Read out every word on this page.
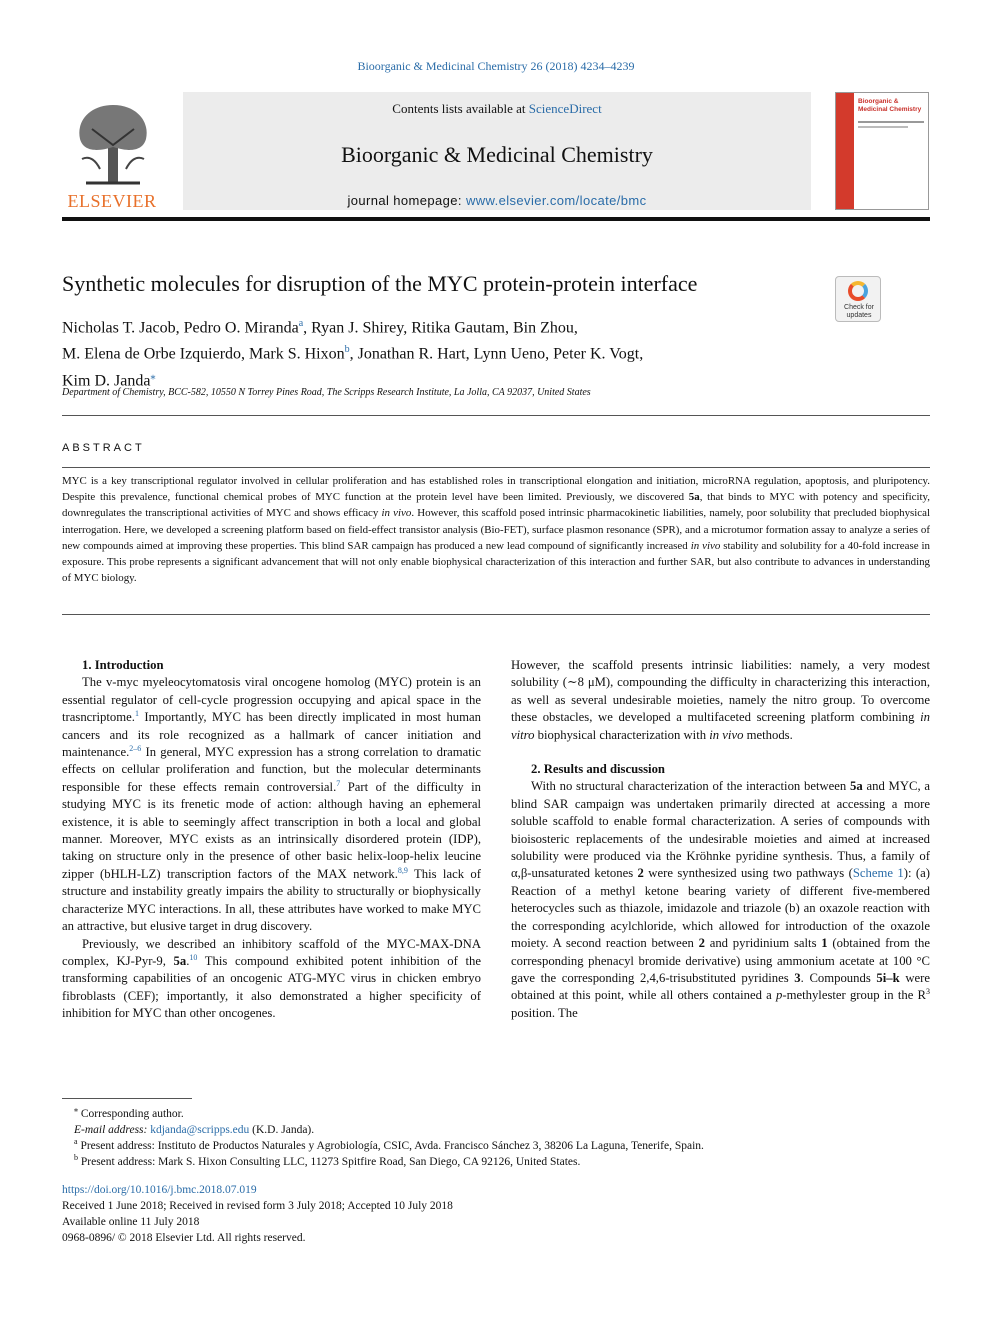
Bioorganic & Medicinal Chemistry 26 (2018) 4234–4239
ELSEVIER
Contents lists available at ScienceDirect
Bioorganic & Medicinal Chemistry
journal homepage: www.elsevier.com/locate/bmc
Bioorganic & Medicinal Chemistry
Synthetic molecules for disruption of the MYC protein-protein interface
Check for updates
Nicholas T. Jacob, Pedro O. Miranda$^a$, Ryan J. Shirey, Ritika Gautam, Bin Zhou,
M. Elena de Orbe Izquierdo, Mark S. Hixon$^b$, Jonathan R. Hart, Lynn Ueno, Peter K. Vogt,
Kim D. Janda⁎
Department of Chemistry, BCC-582, 10550 N Torrey Pines Road, The Scripps Research Institute, La Jolla, CA 92037, United States
ABSTRACT
MYC is a key transcriptional regulator involved in cellular proliferation and has established roles in transcriptional elongation and initiation, microRNA regulation, apoptosis, and pluripotency. Despite this prevalence, functional chemical probes of MYC function at the protein level have been limited. Previously, we discovered 5a, that binds to MYC with potency and specificity, downregulates the transcriptional activities of MYC and shows efficacy in vivo. However, this scaffold posed intrinsic pharmacokinetic liabilities, namely, poor solubility that precluded biophysical interrogation. Here, we developed a screening platform based on field-effect transistor analysis (Bio-FET), surface plasmon resonance (SPR), and a microtumor formation assay to analyze a series of new compounds aimed at improving these properties. This blind SAR campaign has produced a new lead compound of significantly increased in vivo stability and solubility for a 40-fold increase in exposure. This probe represents a significant advancement that will not only enable biophysical characterization of this interaction and further SAR, but also contribute to advances in understanding of MYC biology.

1. Introduction

The v-myc myeleocytomatosis viral oncogene homolog (MYC) protein is an essential regulator of cell-cycle progression occupying and apical space in the trasncriptome.$^1$ Importantly, MYC has been directly implicated in most human cancers and its role recognized as a hallmark of cancer initiation and maintenance.$^{2-6}$ In general, MYC expression has a strong correlation to dramatic effects on cellular proliferation and function, but the molecular determinants responsible for these effects remain controversial.$^7$ Part of the difficulty in studying MYC is its frenetic mode of action: although having an ephemeral existence, it is able to seemingly affect transcription in both a local and global manner. Moreover, MYC exists as an intrinsically disordered protein (IDP), taking on structure only in the presence of other basic helix-loop-helix leucine zipper (bHLH-LZ) transcription factors of the MAX network.$^{8,9}$ This lack of structure and instability greatly impairs the ability to structurally or biophysically characterize MYC interactions. In all, these attributes have worked to make MYC an attractive, but elusive target in drug discovery.

Previously, we described an inhibitory scaffold of the MYC-MAX-DNA complex, KJ-Pyr-9, 5a.$^{10}$ This compound exhibited potent inhibition of the transforming capabilities of an oncogenic ATG-MYC virus in chicken embryo fibroblasts (CEF); importantly, it also demonstrated a higher specificity of inhibition for MYC than other oncogenes.

However, the scaffold presents intrinsic liabilities: namely, a very modest solubility (∼8 μM), compounding the difficulty in characterizing this interaction, as well as several undesirable moieties, namely the nitro group. To overcome these obstacles, we developed a multifaceted screening platform combining in vitro biophysical characterization with in vivo methods.

2. Results and discussion

With no structural characterization of the interaction between 5a and MYC, a blind SAR campaign was undertaken primarily directed at accessing a more soluble scaffold to enable formal characterization. A series of compounds with bioisosteric replacements of the undesirable moieties and aimed at increased solubility were produced via the Kröhnke pyridine synthesis. Thus, a family of α,β-unsaturated ketones 2 were synthesized using two pathways (Scheme 1): (a) Reaction of a methyl ketone bearing variety of different five-membered heterocycles such as thiazole, imidazole and triazole (b) an oxazole reaction with the corresponding acylchloride, which allowed for introduction of the oxazole moiety. A second reaction between 2 and pyridinium salts 1 (obtained from the corresponding phenacyl bromide derivative) using ammonium acetate at 100 °C gave the corresponding 2,4,6-trisubstituted pyridines 3. Compounds 5i–k were obtained at this point, while all others contained a p-methylester group in the $R^3$ position. The

⁎ Corresponding author.
E-mail address: kdjanda@scripps.edu (K.D. Janda).
$^a$ Present address: Instituto de Productos Naturales y Agrobiología, CSIC, Avda. Francisco Sánchez 3, 38206 La Laguna, Tenerife, Spain.
$^b$ Present address: Mark S. Hixon Consulting LLC, 11273 Spitfire Road, San Diego, CA 92126, United States.
https://doi.org/10.1016/j.bmc.2018.07.019
Received 1 June 2018; Received in revised form 3 July 2018; Accepted 10 July 2018
Available online 11 July 2018
0968-0896/ © 2018 Elsevier Ltd. All rights reserved.
